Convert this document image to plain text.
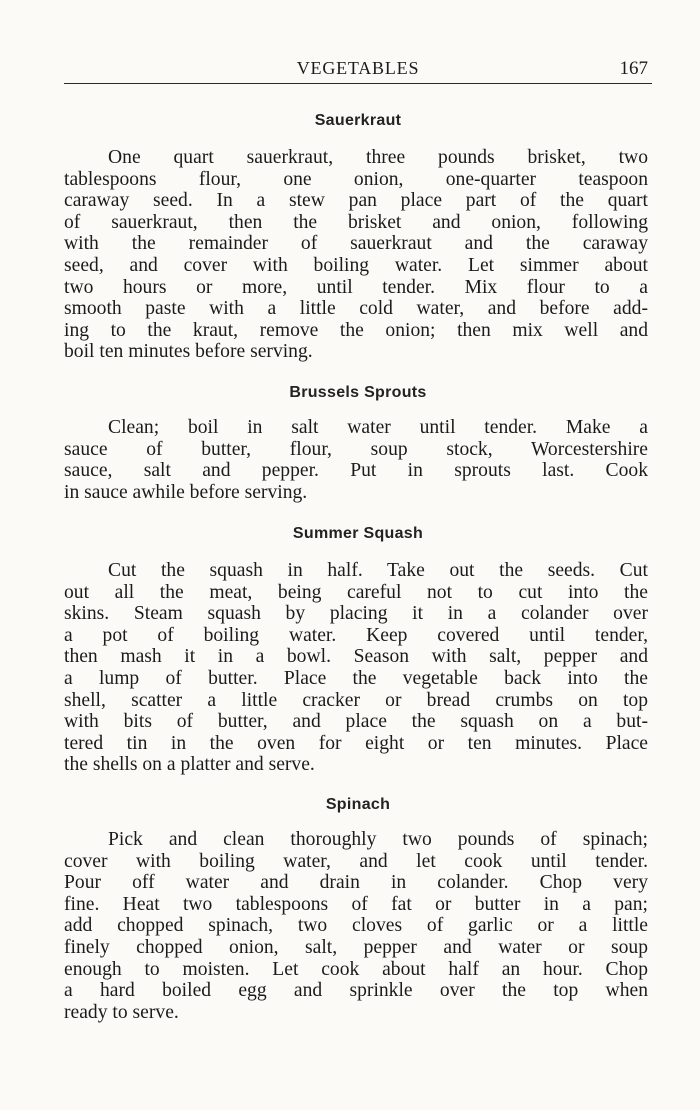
VEGETABLES	167
Sauerkraut
One quart sauerkraut, three pounds brisket, two
tablespoons flour, one onion, one-quarter teaspoon
caraway seed. In a stew pan place part of the quart
of sauerkraut, then the brisket and onion, following
with the remainder of sauerkraut and the caraway
seed, and cover with boiling water. Let simmer about
two hours or more, until tender. Mix flour to a
smooth paste with a little cold water, and before add-
ing to the kraut, remove the onion; then mix well and
boil ten minutes before serving.
Brussels Sprouts
Clean; boil in salt water until tender. Make a
sauce of butter, flour, soup stock, Worcestershire
sauce, salt and pepper. Put in sprouts last. Cook
in sauce awhile before serving.
Summer Squash
Cut the squash in half. Take out the seeds. Cut
out all the meat, being careful not to cut into the
skins. Steam squash by placing it in a colander over
a pot of boiling water. Keep covered until tender,
then mash it in a bowl. Season with salt, pepper and
a lump of butter. Place the vegetable back into the
shell, scatter a little cracker or bread crumbs on top
with bits of butter, and place the squash on a but-
tered tin in the oven for eight or ten minutes. Place
the shells on a platter and serve.
Spinach
Pick and clean thoroughly two pounds of spinach;
cover with boiling water, and let cook until tender.
Pour off water and drain in colander. Chop very
fine. Heat two tablespoons of fat or butter in a pan;
add chopped spinach, two cloves of garlic or a little
finely chopped onion, salt, pepper and water or soup
enough to moisten. Let cook about half an hour. Chop
a hard boiled egg and sprinkle over the top when
ready to serve.
